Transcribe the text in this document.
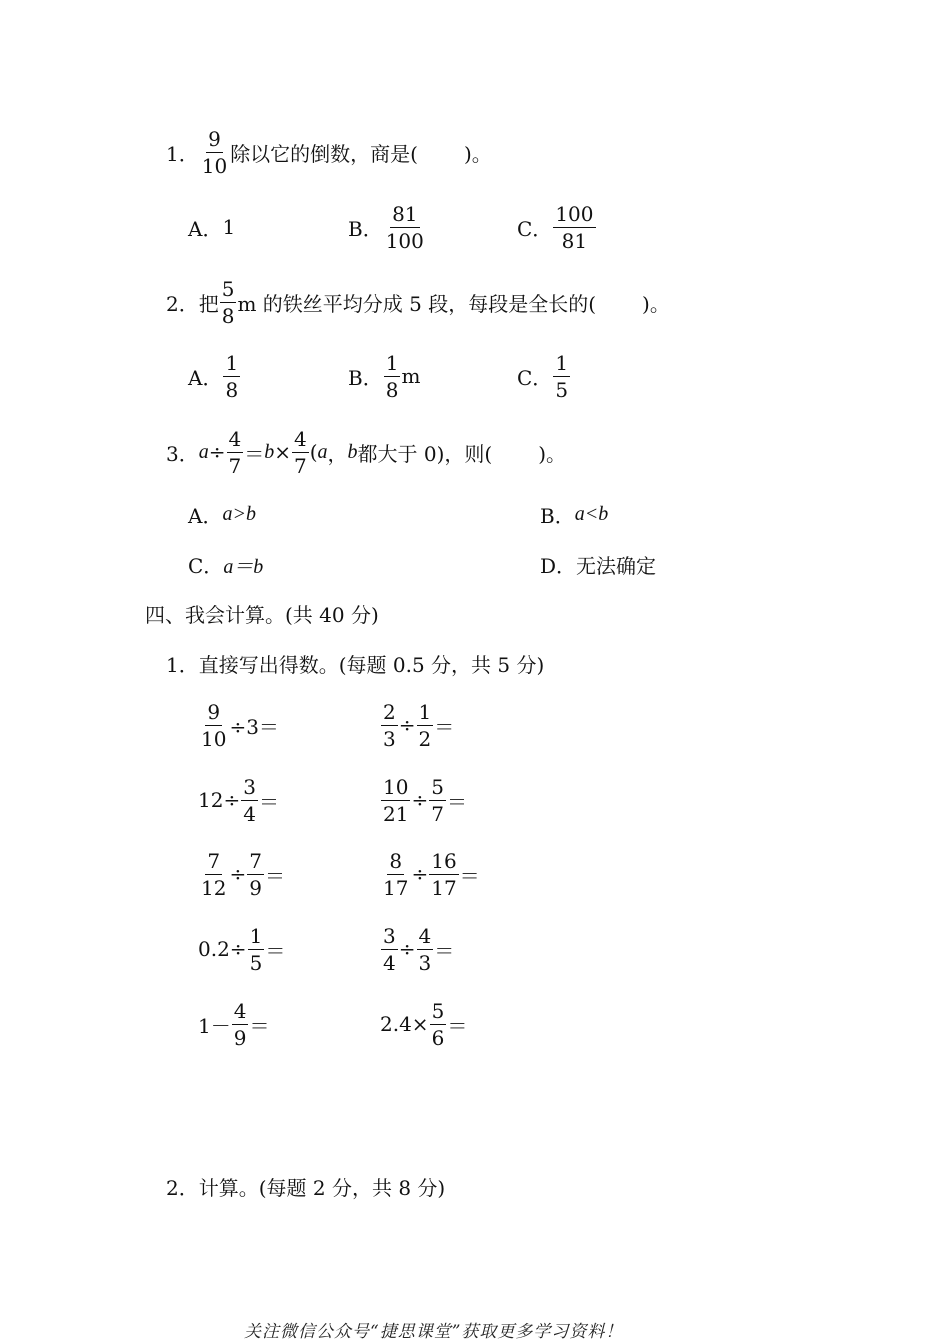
1． $\frac{9}{10}$ 除以它的倒数，商是( )。
A． 1	B． $\frac{81}{100}$	C． $\frac{100}{81}$
2． 把 $\frac{5}{8}$ m 的铁丝平均分成 5 段，每段是全长的( )。
A． $\frac{1}{8}$	B． $\frac{1}{8}$ m	C． $\frac{1}{5}$
3． $a \div \frac{4}{7} = b \times \frac{4}{7}$ ( a ， b 都大于 0)，则( )。
A． a>b	B． a<b
C． a＝b	D． 无法确定
四、我会计算。(共 40 分)
1．直接写出得数。(每题 0.5 分，共 5 分)
$\frac{9}{10} \div 3=$	$\frac{2}{3} \div \frac{1}{2}$ ＝
$12\div \frac{3}{4}$ ＝	$\frac{10}{21} \div \frac{5}{7}$ ＝
$\frac{7}{12} \div \frac{7}{9}$ ＝	$\frac{8}{17} \div \frac{16}{17}$ ＝
$0.2\div \frac{1}{5}$ ＝	$\frac{3}{4} \div \frac{4}{3}$ ＝
$1- \frac{4}{9}$ ＝	$2.4\times \frac{5}{6}$ ＝
2．计算。(每题 2 分，共 8 分)
关注微信公众号“捷思课堂”获取更多学习资料！
